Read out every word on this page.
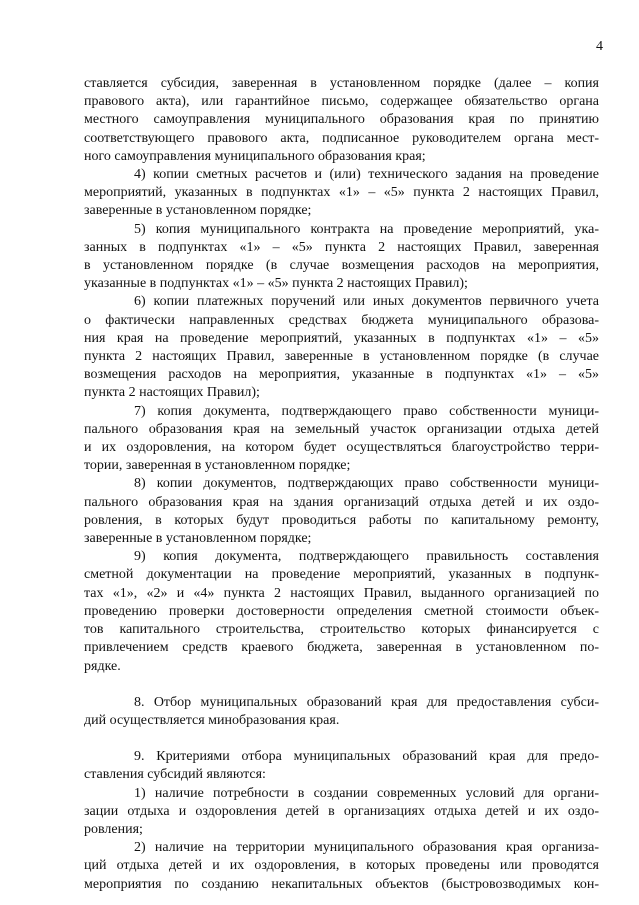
4
ставляется субсидия, заверенная в установленном порядке (далее – копия
правового акта), или гарантийное письмо, содержащее обязательство органа
местного самоуправления муниципального образования края по принятию
соответствующего правового акта, подписанное руководителем органа мест-
ного самоуправления муниципального образования края;
4) копии сметных расчетов и (или) технического задания на проведение
мероприятий, указанных в подпунктах «1» – «5» пункта 2 настоящих Правил,
заверенные в установленном порядке;
5) копия муниципального контракта на проведение мероприятий, ука-
занных в подпунктах «1» – «5» пункта 2 настоящих Правил, заверенная
в установленном порядке (в случае возмещения расходов на мероприятия,
указанные в подпунктах «1» – «5» пункта 2 настоящих Правил);
6) копии платежных поручений или иных документов первичного учета
о фактически направленных средствах бюджета муниципального образова-
ния края на проведение мероприятий, указанных в подпунктах «1» – «5»
пункта 2 настоящих Правил, заверенные в установленном порядке (в случае
возмещения расходов на мероприятия, указанные в подпунктах «1» – «5»
пункта 2 настоящих Правил);
7) копия документа, подтверждающего право собственности муници-
пального образования края на земельный участок организации отдыха детей
и их оздоровления, на котором будет осуществляться благоустройство терри-
тории, заверенная в установленном порядке;
8) копии документов, подтверждающих право собственности муници-
пального образования края на здания организаций отдыха детей и их оздо-
ровления, в которых будут проводиться работы по капитальному ремонту,
заверенные в установленном порядке;
9) копия документа, подтверждающего правильность составления
сметной документации на проведение мероприятий, указанных в подпунк-
тах «1», «2» и «4» пункта 2 настоящих Правил, выданного организацией по
проведению проверки достоверности определения сметной стоимости объек-
тов капитального строительства, строительство которых финансируется с
привлечением средств краевого бюджета, заверенная в установленном по-
рядке.
8. Отбор муниципальных образований края для предоставления субси-
дий осуществляется минобразования края.
9. Критериями отбора муниципальных образований края для предо-
ставления субсидий являются:
1) наличие потребности в создании современных условий для органи-
зации отдыха и оздоровления детей в организациях отдыха детей и их оздо-
ровления;
2) наличие на территории муниципального образования края организа-
ций отдыха детей и их оздоровления, в которых проведены или проводятся
мероприятия по созданию некапитальных объектов (быстровозводимых кон-
